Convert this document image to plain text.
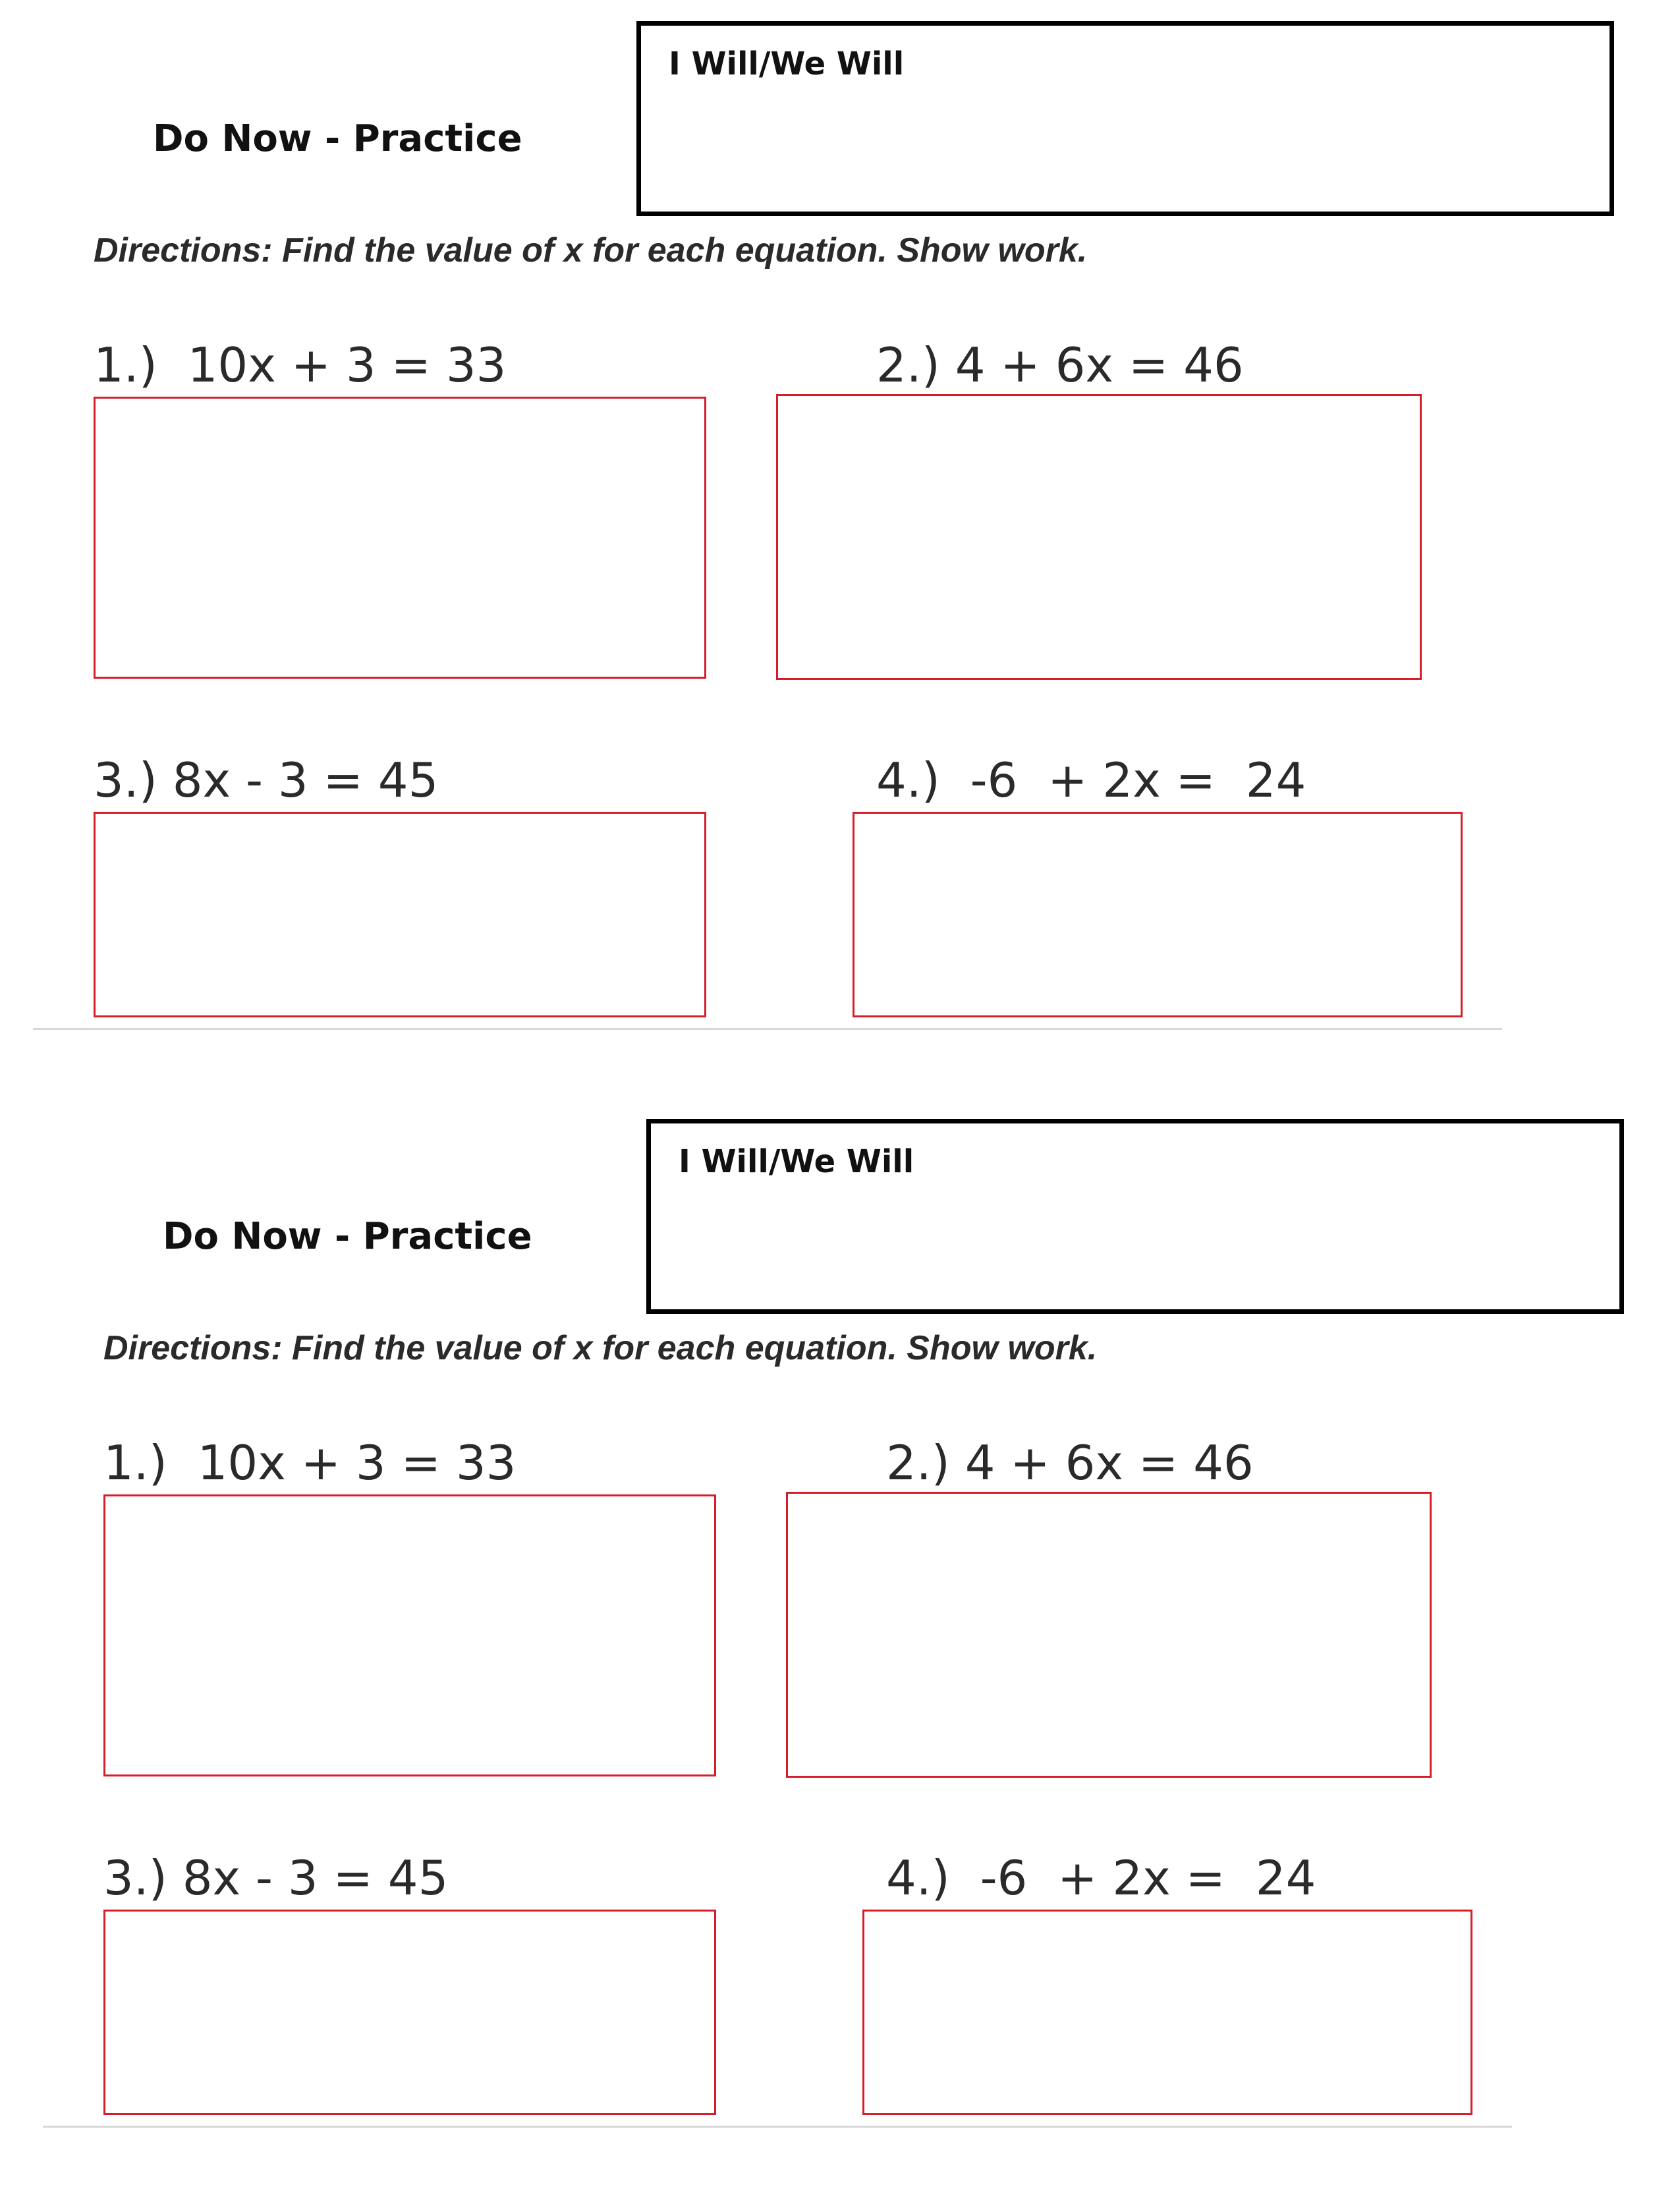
Do Now - Practice
I Will/We Will
Directions: Find the value of x for each equation. Show work.
1.) 10x + 3 = 33	2.) 4 + 6x = 46
3.) 8x - 3 = 45	4.) -6  + 2x =  24
Do Now - Practice
I Will/We Will
Directions: Find the value of x for each equation. Show work.
1.) 10x + 3 = 33	2.) 4 + 6x = 46
3.) 8x - 3 = 45	4.) -6  + 2x =  24
